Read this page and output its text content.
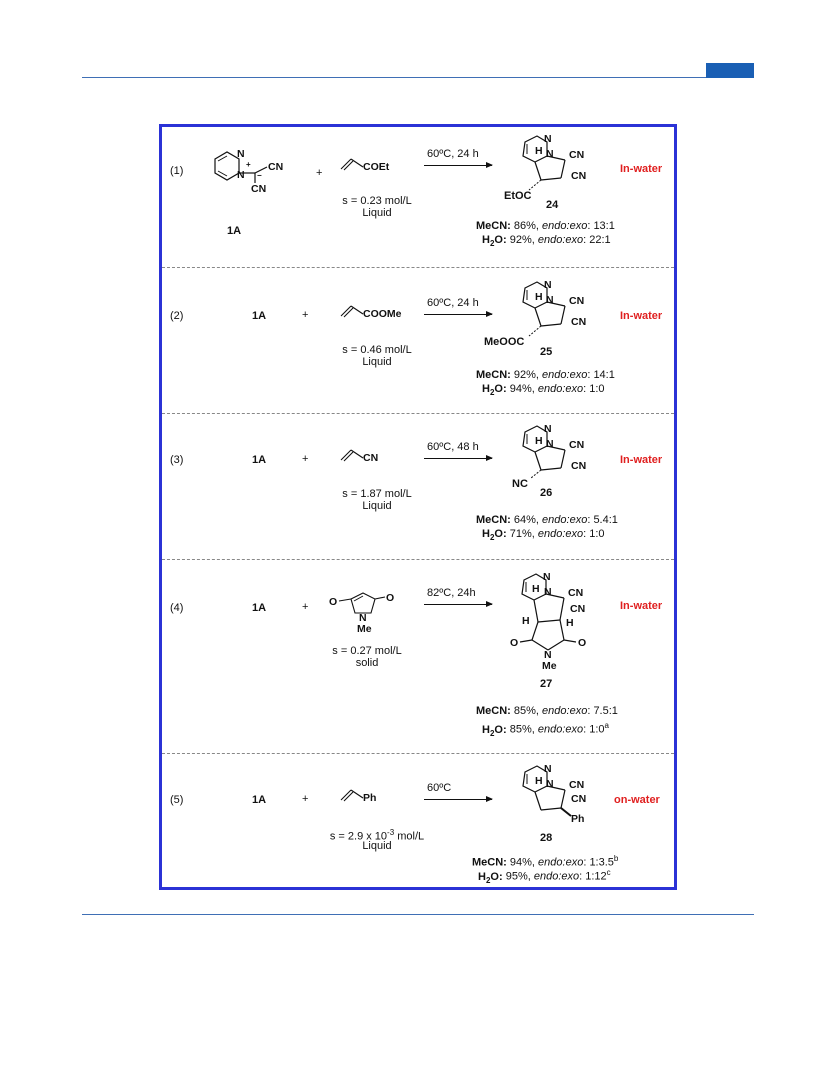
(1)
N
N
+ CN
CN
−
1A
+	COEt
s = 0.23 mol/L
Liquid
60ºC, 24 h
N
N
H	CN
CN
EtOC
24
In-water
MeCN: 86%, endo:exo: 13:1
$H_2O$: 92%, endo:exo: 22:1
(2)	1A	+	COOMe
s = 0.46 mol/L
Liquid
60ºC, 24 h
N
N
H	CN
CN
MeOOC
25
In-water
MeCN: 92%, endo:exo: 14:1
$H_2O$: 94%, endo:exo: 1:0
(3)	1A	+	CN
s = 1.87 mol/L
Liquid
60ºC, 48 h
N
N
H	CN
CN
NC
26
In-water
MeCN: 64%, endo:exo: 5.4:1
$H_2O$: 71%, endo:exo: 1:0
(4)	1A	+ O	O
N
Me
s = 0.27 mol/L
solid
82ºC, 24h
N
N
H	CN
CN
H	H
O	O
N
Me
27
In-water
MeCN: 85%, endo:exo: 7.5:1
$H_2O$: 85%, endo:exo: 1:0$^a$
(5)	1A	+	Ph
s = 2.9 x $10^{-3}$ mol/L
Liquid
60ºC
N
N
H	CN
CN
Ph
28
on-water
MeCN: 94%, endo:exo: 1:3.5$^b$
$H_2O$: 95%, endo:exo: 1:12$^c$
